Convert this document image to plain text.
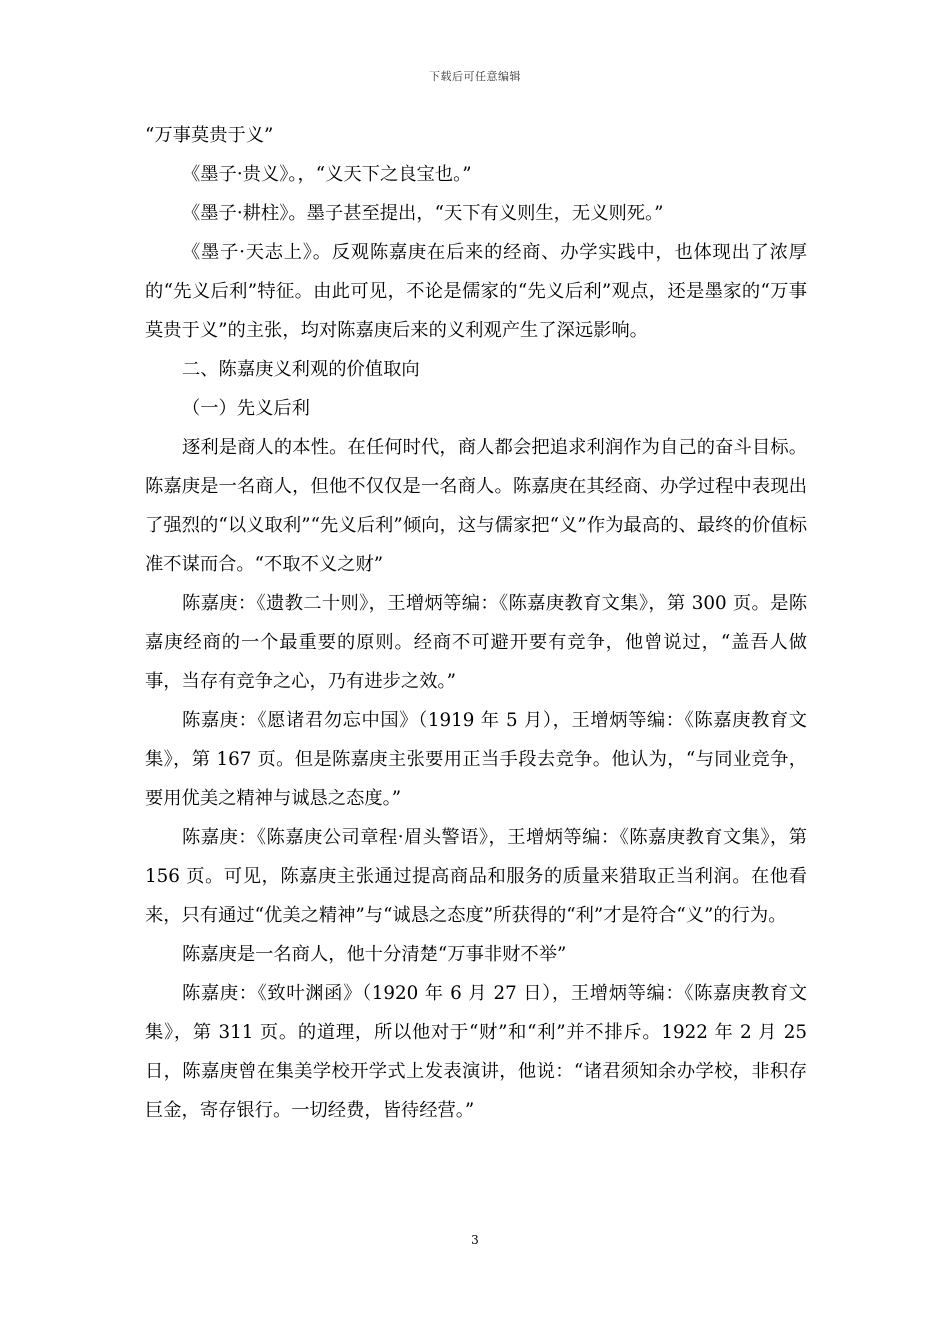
下载后可任意编辑

“万事莫贵于义”

《墨子·贵义》。，“义天下之良宝也。”

《墨子·耕柱》。墨子甚至提出，“天下有义则生，无义则死。”

《墨子·天志上》。反观陈嘉庚在后来的经商、办学实践中，也体现出了浓厚的“先义后利”特征。由此可见，不论是儒家的“先义后利”观点，还是墨家的“万事莫贵于义”的主张，均对陈嘉庚后来的义利观产生了深远影响。

二、陈嘉庚义利观的价值取向

（一）先义后利

逐利是商人的本性。在任何时代，商人都会把追求利润作为自己的奋斗目标。陈嘉庚是一名商人，但他不仅仅是一名商人。陈嘉庚在其经商、办学过程中表现出了强烈的“以义取利”“先义后利”倾向，这与儒家把“义”作为最高的、最终的价值标准不谋而合。“不取不义之财”

陈嘉庚：《遗教二十则》，王增炳等编：《陈嘉庚教育文集》，第 300 页。是陈嘉庚经商的一个最重要的原则。经商不可避开要有竞争，他曾说过，“盖吾人做事，当存有竞争之心，乃有进步之效。”

陈嘉庚：《愿诸君勿忘中国》（1919 年 5 月），王增炳等编：《陈嘉庚教育文集》，第 167 页。但是陈嘉庚主张要用正当手段去竞争。他认为，“与同业竞争，要用优美之精神与诚恳之态度。”

陈嘉庚：《陈嘉庚公司章程·眉头警语》，王增炳等编：《陈嘉庚教育文集》，第 156 页。可见，陈嘉庚主张通过提高商品和服务的质量来猎取正当利润。在他看来，只有通过“优美之精神”与“诚恳之态度”所获得的“利”才是符合“义”的行为。

陈嘉庚是一名商人，他十分清楚“万事非财不举”

陈嘉庚：《致叶渊函》（1920 年 6 月 27 日），王增炳等编：《陈嘉庚教育文集》，第 311 页。的道理，所以他对于“财”和“利”并不排斥。1922 年 2 月 25 日，陈嘉庚曾在集美学校开学式上发表演讲，他说：“诸君须知余办学校，非积存巨金，寄存银行。一切经费，皆待经营。”

3
